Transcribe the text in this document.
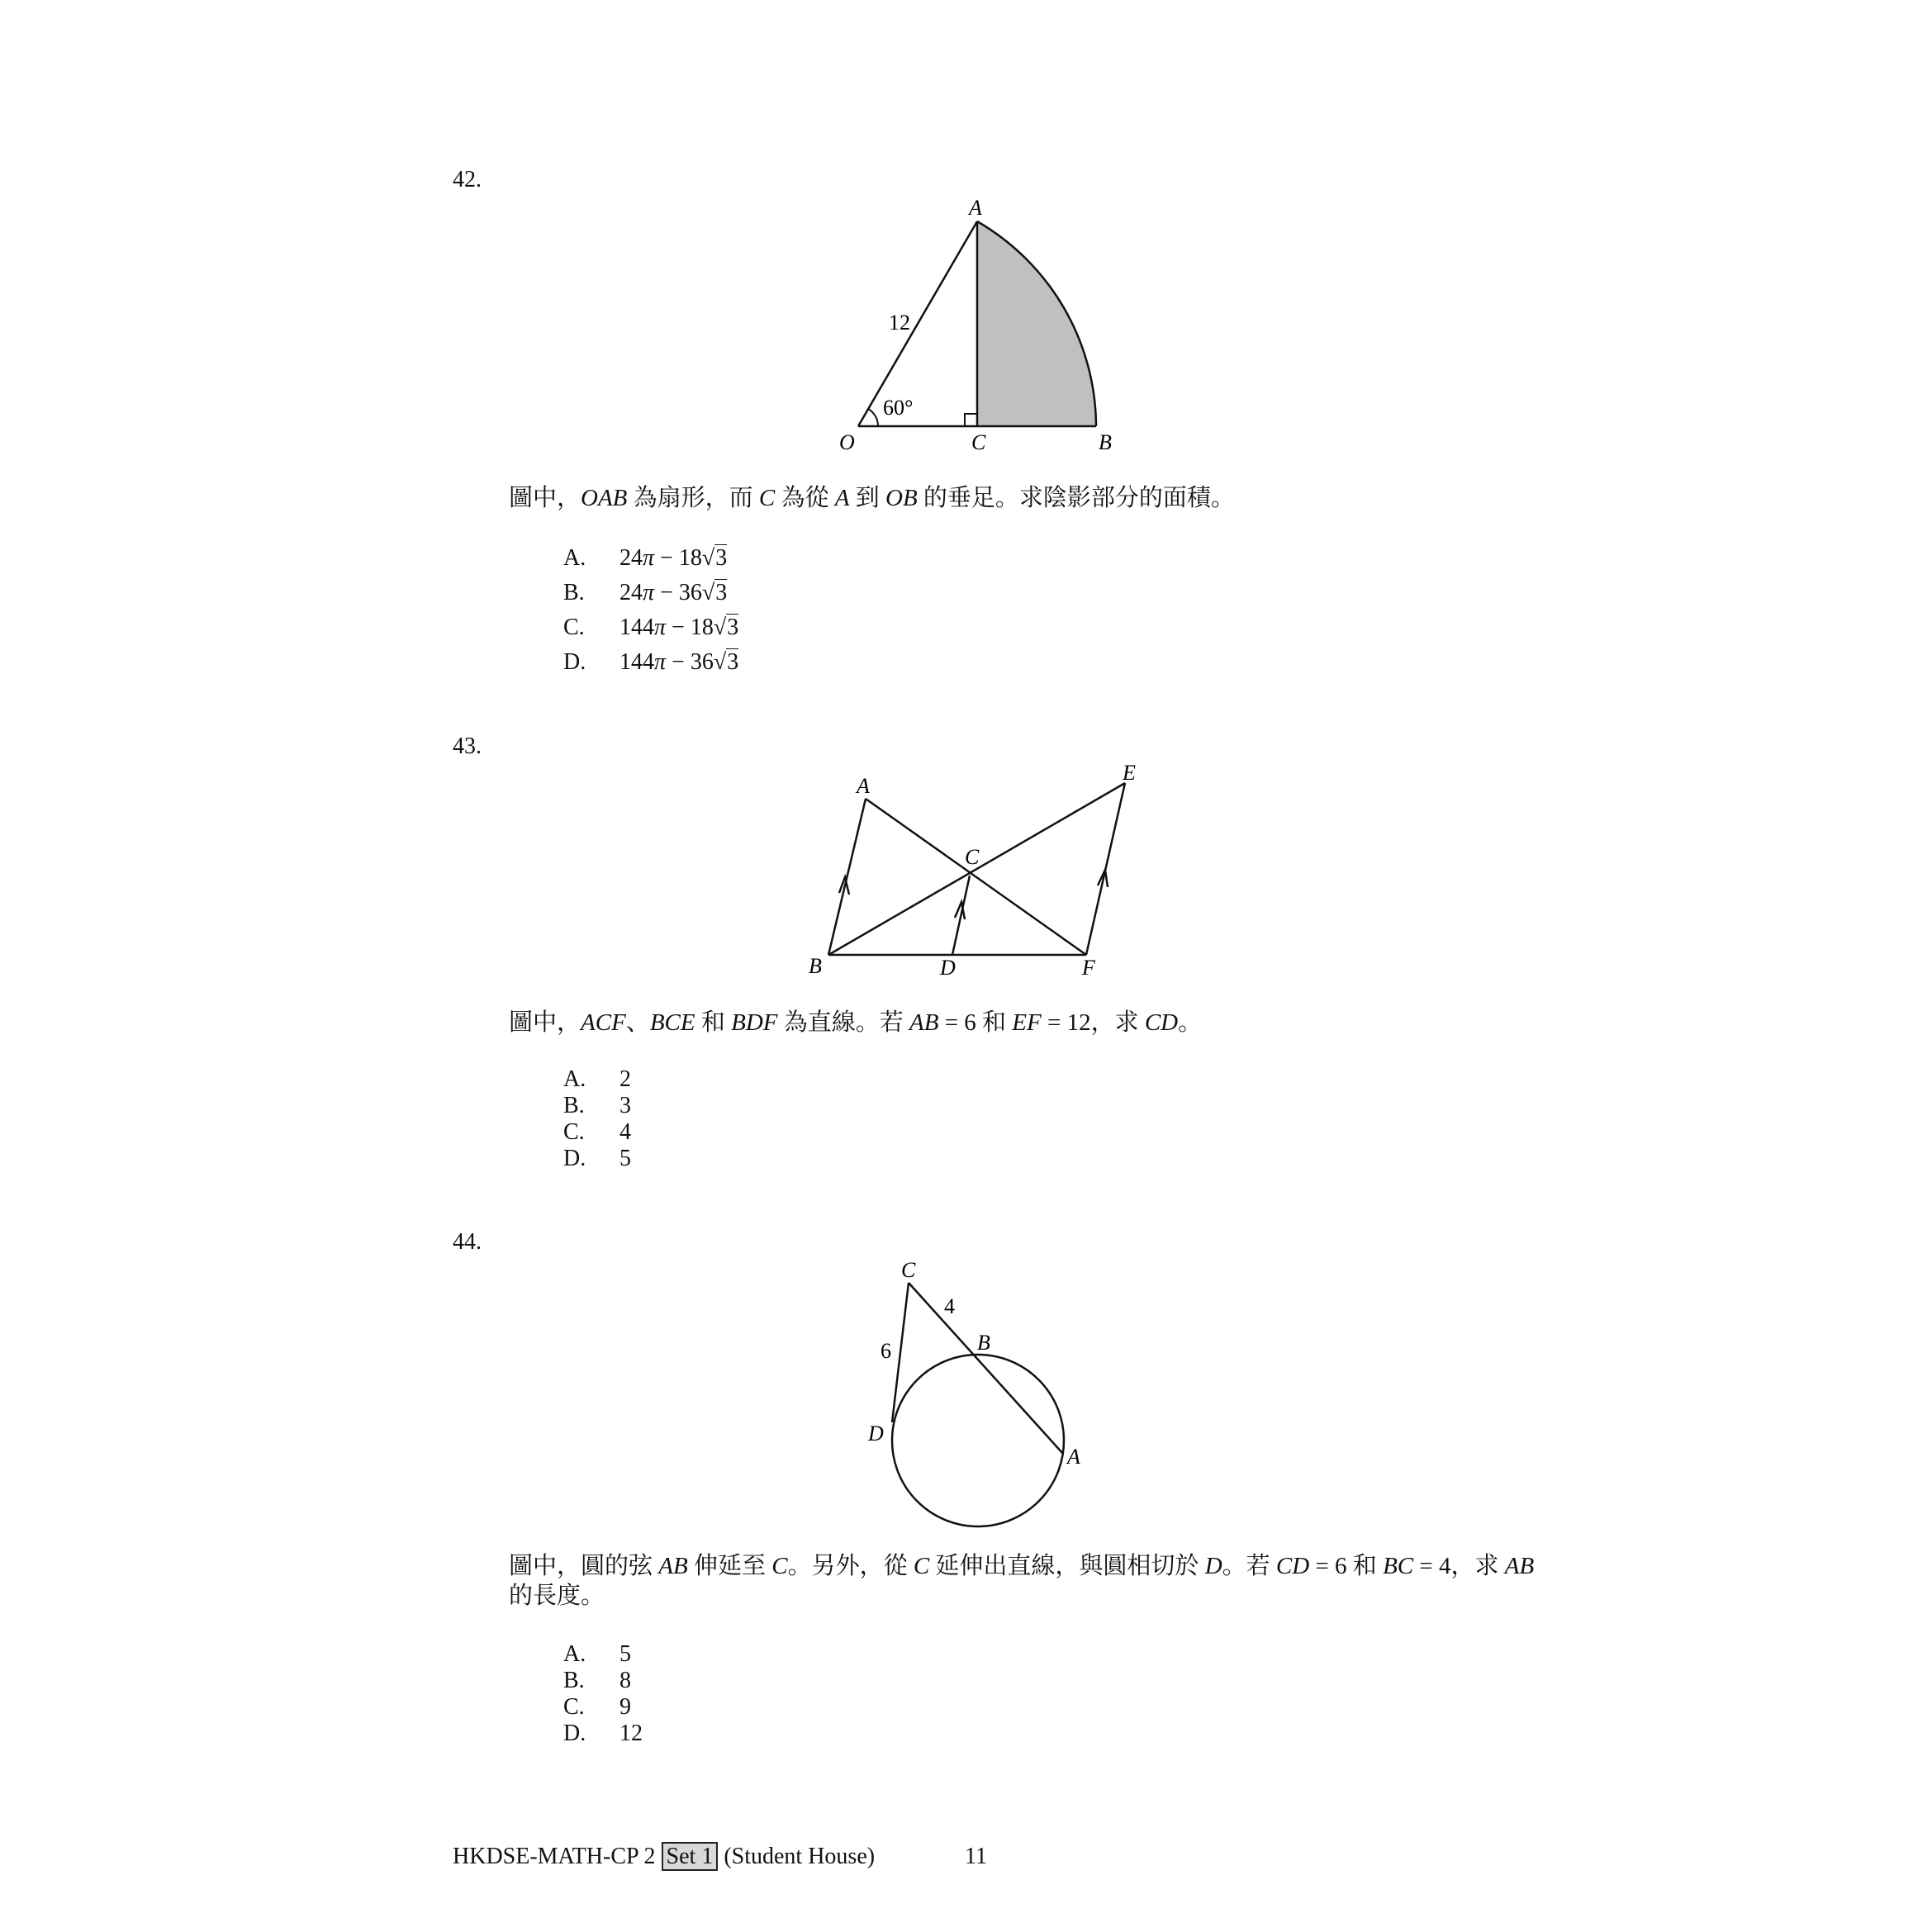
42.
A
O	C	B
12
60°
圖中，OAB 為扇形，而 C 為從 A 到 OB 的垂足。求陰影部分的面積。
A. 24π − 18√3
B. 24π − 36√3
C. 144π − 18√3
D. 144π − 36√3
43.
A
E
C
B	D	F
圖中，ACF、BCE 和 BDF 為直線。若 AB = 6 和 EF = 12，求 CD。
A. 2
B. 3
C. 4
D. 5
44.
C
B
D
A
4
6
圖中，圓的弦 AB 伸延至 C。另外，從 C 延伸出直線，與圓相切於 D。若 CD = 6 和 BC = 4，求 AB
的長度。
A. 5
B. 8
C. 9
D. 12
HKDSE-MATH-CP 2 Set 1 (Student House)	11
